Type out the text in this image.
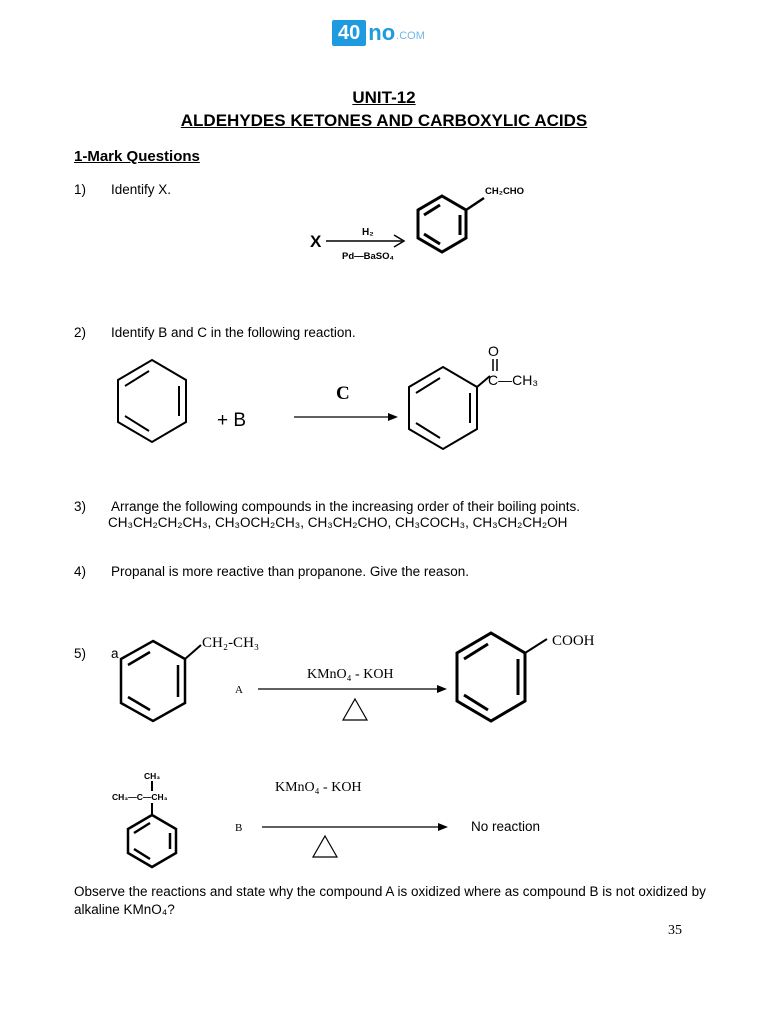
40 no .COM
UNIT-12
ALDEHYDES KETONES AND CARBOXYLIC ACIDS
1-Mark Questions
1) Identify X.
X	H₂
Pd—BaSO₄
CH₂CHO
2) Identify B and C in the following reaction.
+ B
C
O
C—CH₃
3) Arrange the following compounds in the increasing order of their boiling points.
CH₃CH₂CH₂CH₃, CH₃OCH₂CH₃, CH₃CH₂CHO, CH₃COCH₃, CH₃CH₂CH₂OH
4) Propanal is more reactive than propanone. Give the reason.
5) a
CH₂-CH₃
A
KMnO₄ - KOH
COOH
CH₃
CH₃—C—CH₃
KMnO₄ - KOH
B	No reaction
Observe the reactions and state why the compound A is oxidized where as compound B is not oxidized by alkaline KMnO₄?
35
